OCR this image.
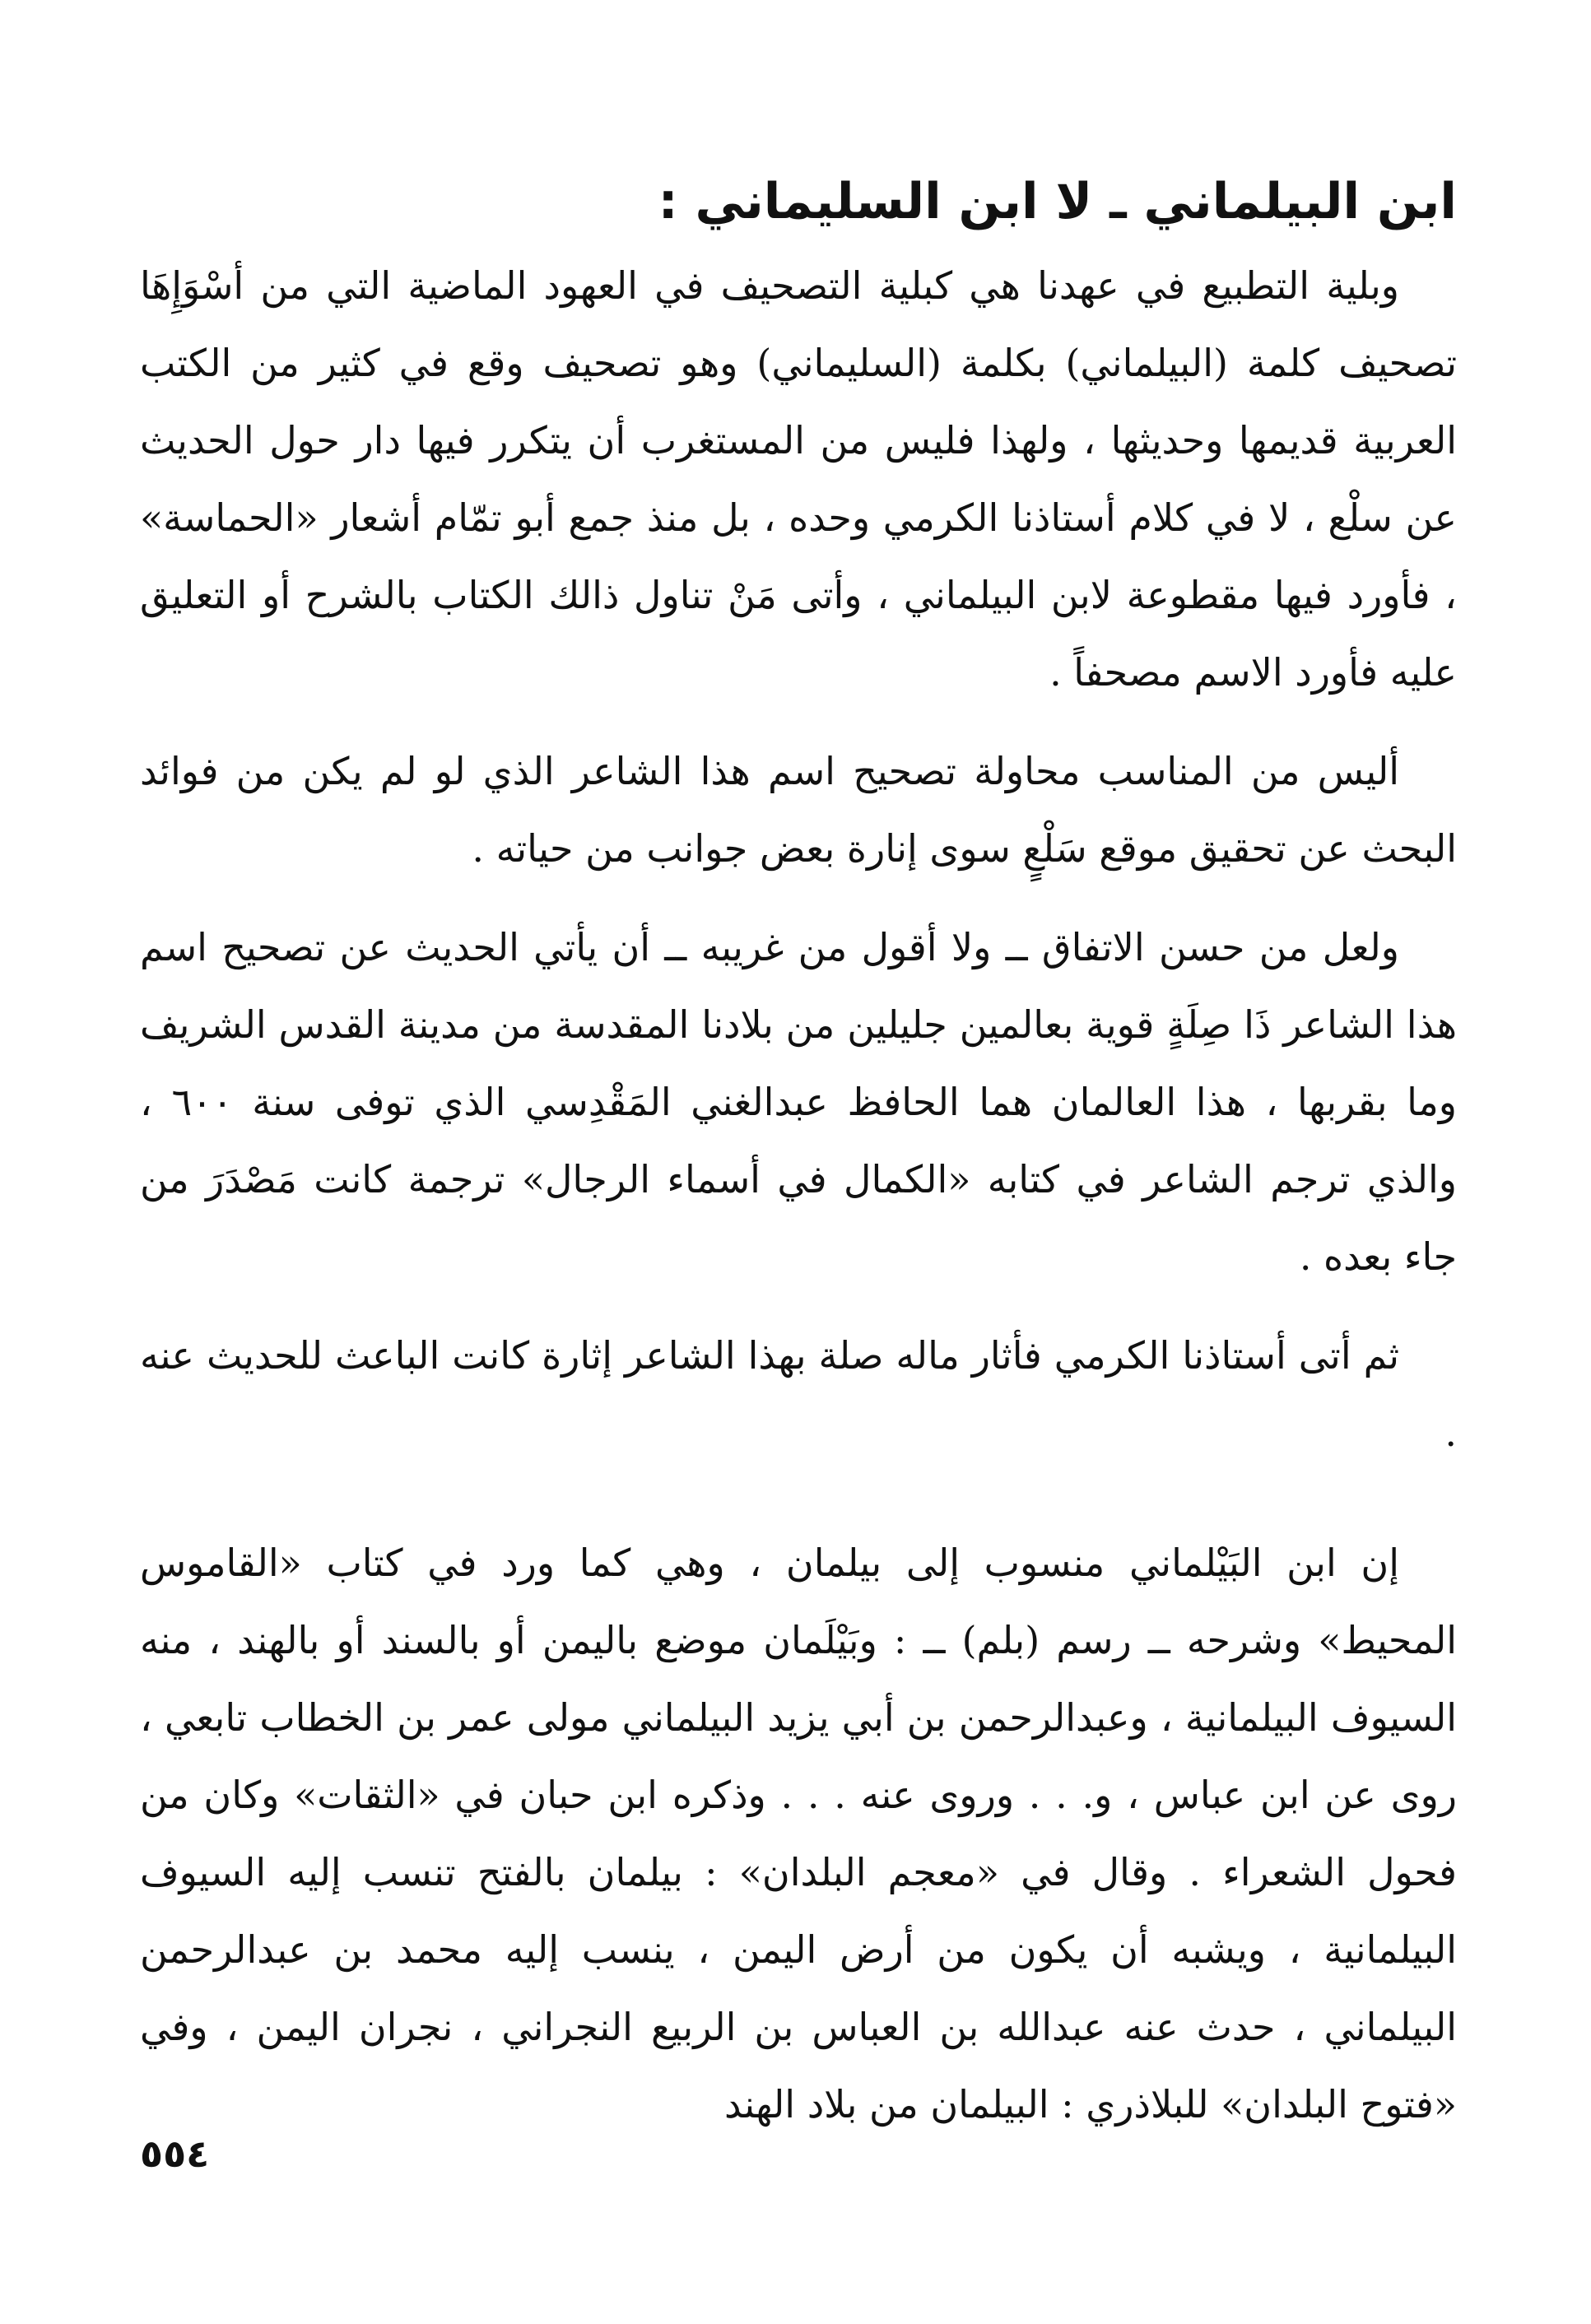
ابن البيلماني ـ لا ابن السليماني :

وبلية التطبيع في عهدنا هي كبلية التصحيف في العهود الماضية التي من أسْوَإِهَا تصحيف كلمة (البيلماني) بكلمة (السليماني) وهو تصحيف وقع في كثير من الكتب العربية قديمها وحديثها ، ولهذا فليس من المستغرب أن يتكرر فيها دار حول الحديث عن سلْع ، لا في كلام أستاذنا الكرمي وحده ، بل منذ جمع أبو تمّام أشعار «الحماسة» ، فأورد فيها مقطوعة لابن البيلماني ، وأتى مَنْ تناول ذالك الكتاب بالشرح أو التعليق عليه فأورد الاسم مصحفاً .

أليس من المناسب محاولة تصحيح اسم هذا الشاعر الذي لو لم يكن من فوائد البحث عن تحقيق موقع سَلْعٍ سوى إنارة بعض جوانب من حياته .

ولعل من حسن الاتفاق ــ ولا أقول من غريبه ــ أن يأتي الحديث عن تصحيح اسم هذا الشاعر ذَا صِلَةٍ قوية بعالمين جليلين من بلادنا المقدسة من مدينة القدس الشريف وما بقربها ، هذا العالمان هما الحافظ عبدالغني المَقْدِسي الذي توفى سنة ٦٠٠ ، والذي ترجم الشاعر في كتابه «الكمال في أسماء الرجال» ترجمة كانت مَصْدَرَ من جاء بعده .

ثم أتى أستاذنا الكرمي فأثار ماله صلة بهذا الشاعر إثارة كانت الباعث للحديث عنه .

إن ابن البَيْلماني منسوب إلى بيلمان ، وهي كما ورد في كتاب «القاموس المحيط» وشرحه ــ رسم (بلم) ــ : وبَيْلَمان موضع باليمن أو بالسند أو بالهند ، منه السيوف البيلمانية ، وعبدالرحمن بن أبي يزيد البيلماني مولى عمر بن الخطاب تابعي ، روى عن ابن عباس ، و. . . وروى عنه . . . وذكره ابن حبان في «الثقات» وكان من فحول الشعراء . وقال في «معجم البلدان» : بيلمان بالفتح تنسب إليه السيوف البيلمانية ، ويشبه أن يكون من أرض اليمن ، ينسب إليه محمد بن عبدالرحمن البيلماني ، حدث عنه عبدالله بن العباس بن الربيع النجراني ، نجران اليمن ، وفي «فتوح البلدان» للبلاذري : البيلمان من بلاد الهند

٥٥٤
